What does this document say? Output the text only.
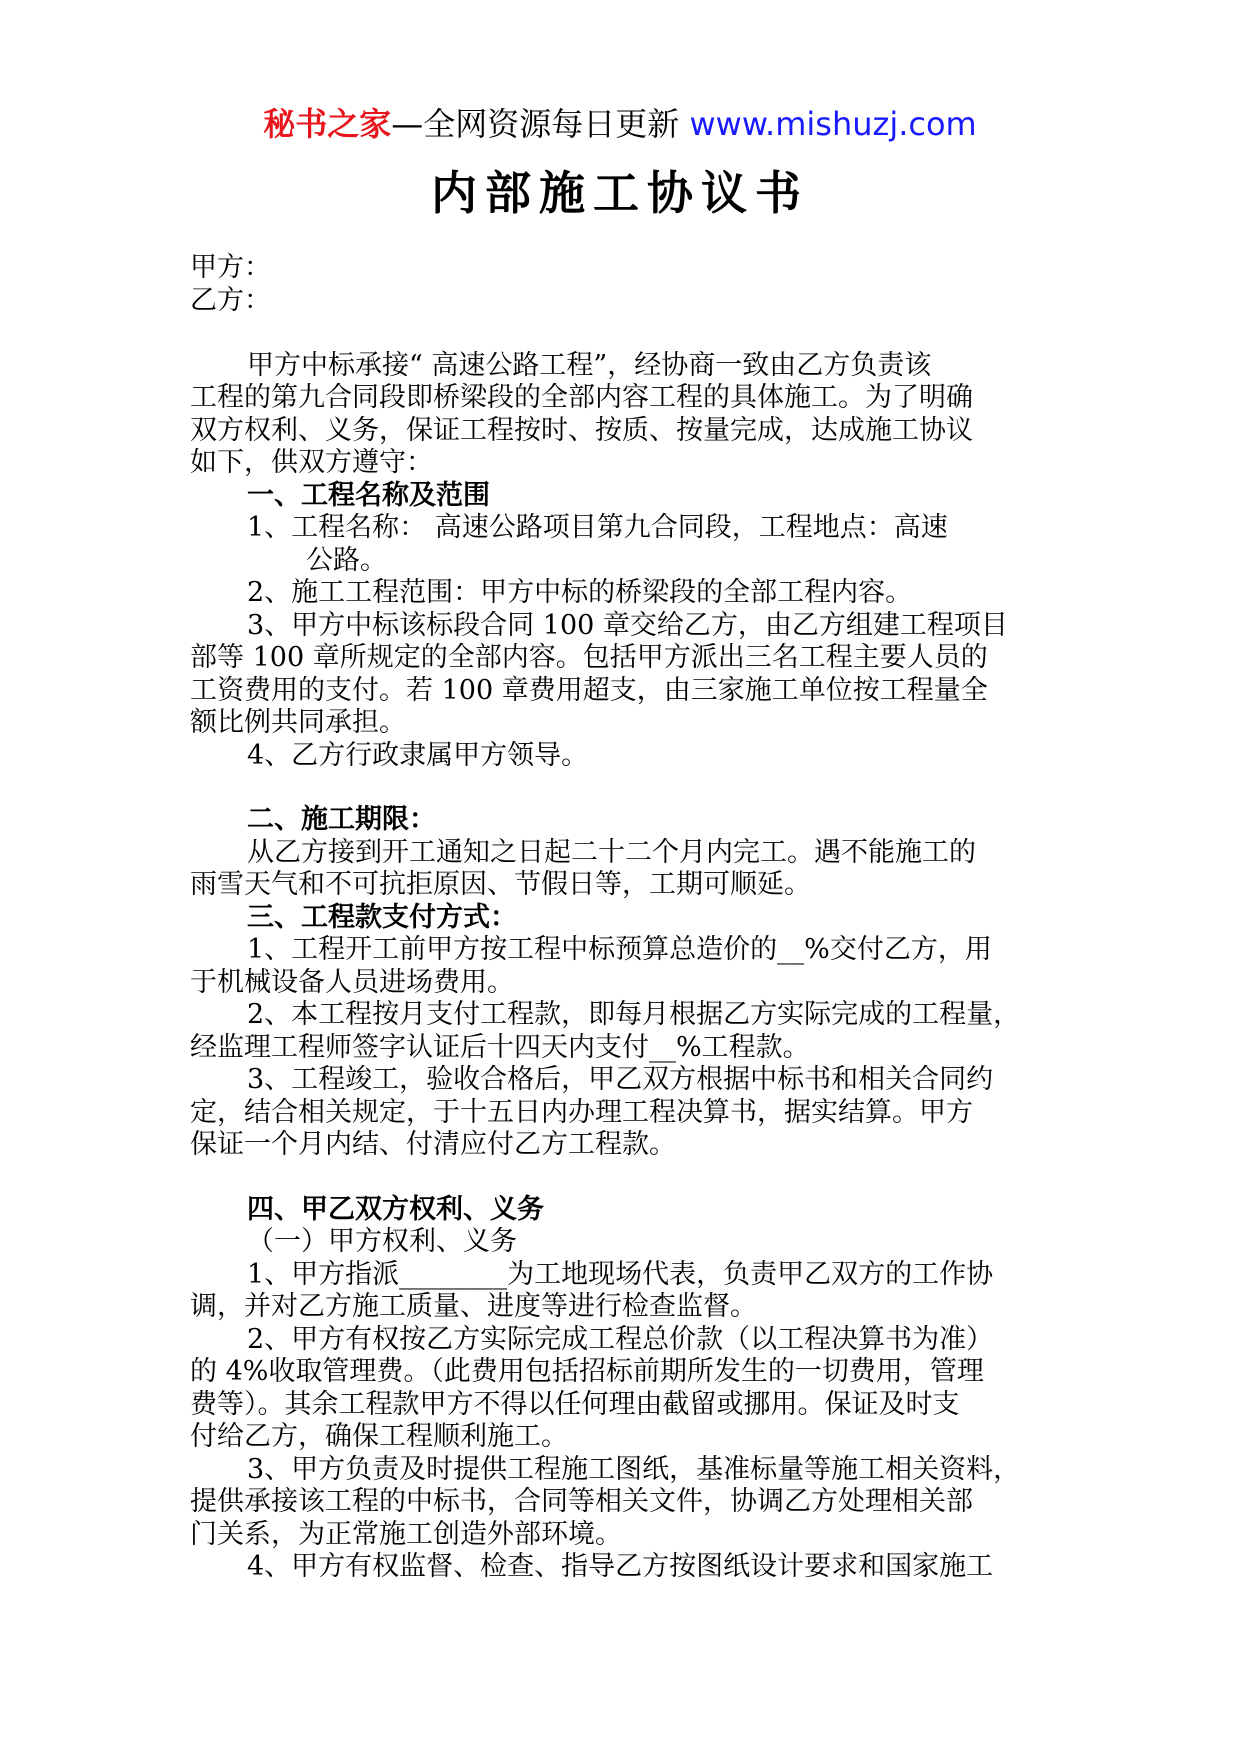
秘书之家—全网资源每日更新 www.mishuzj.com
内部施工协议书

甲方：

乙方：

甲方中标承接“ 高速公路工程”，经协商一致由乙方负责该

工程的第九合同段即桥梁段的全部内容工程的具体施工。为了明确

双方权利、义务，保证工程按时、按质、按量完成，达成施工协议

如下，供双方遵守：

一、工程名称及范围

1、工程名称： 高速公路项目第九合同段，工程地点：高速

公路。

2、施工工程范围：甲方中标的桥梁段的全部工程内容。

3、甲方中标该标段合同 100 章交给乙方，由乙方组建工程项目

部等 100 章所规定的全部内容。包括甲方派出三名工程主要人员的

工资费用的支付。若 100 章费用超支，由三家施工单位按工程量全

额比例共同承担。

4、乙方行政隶属甲方领导。

二、施工期限：

从乙方接到开工通知之日起二十二个月内完工。遇不能施工的

雨雪天气和不可抗拒原因、节假日等，工期可顺延。

三、工程款支付方式：

1、工程开工前甲方按工程中标预算总造价的__%交付乙方，用

于机械设备人员进场费用。

2、本工程按月支付工程款，即每月根据乙方实际完成的工程量，

经监理工程师签字认证后十四天内支付__%工程款。

3、工程竣工，验收合格后，甲乙双方根据中标书和相关合同约

定，结合相关规定，于十五日内办理工程决算书，据实结算。甲方

保证一个月内结、付清应付乙方工程款。

四、甲乙双方权利、义务

（一）甲方权利、义务

1、甲方指派________为工地现场代表，负责甲乙双方的工作协

调，并对乙方施工质量、进度等进行检查监督。

2、甲方有权按乙方实际完成工程总价款（以工程决算书为准）

的 4%收取管理费。（此费用包括招标前期所发生的一切费用，管理

费等）。其余工程款甲方不得以任何理由截留或挪用。保证及时支

付给乙方，确保工程顺利施工。

3、甲方负责及时提供工程施工图纸，基准标量等施工相关资料，

提供承接该工程的中标书，合同等相关文件，协调乙方处理相关部

门关系，为正常施工创造外部环境。

4、甲方有权监督、检查、指导乙方按图纸设计要求和国家施工
